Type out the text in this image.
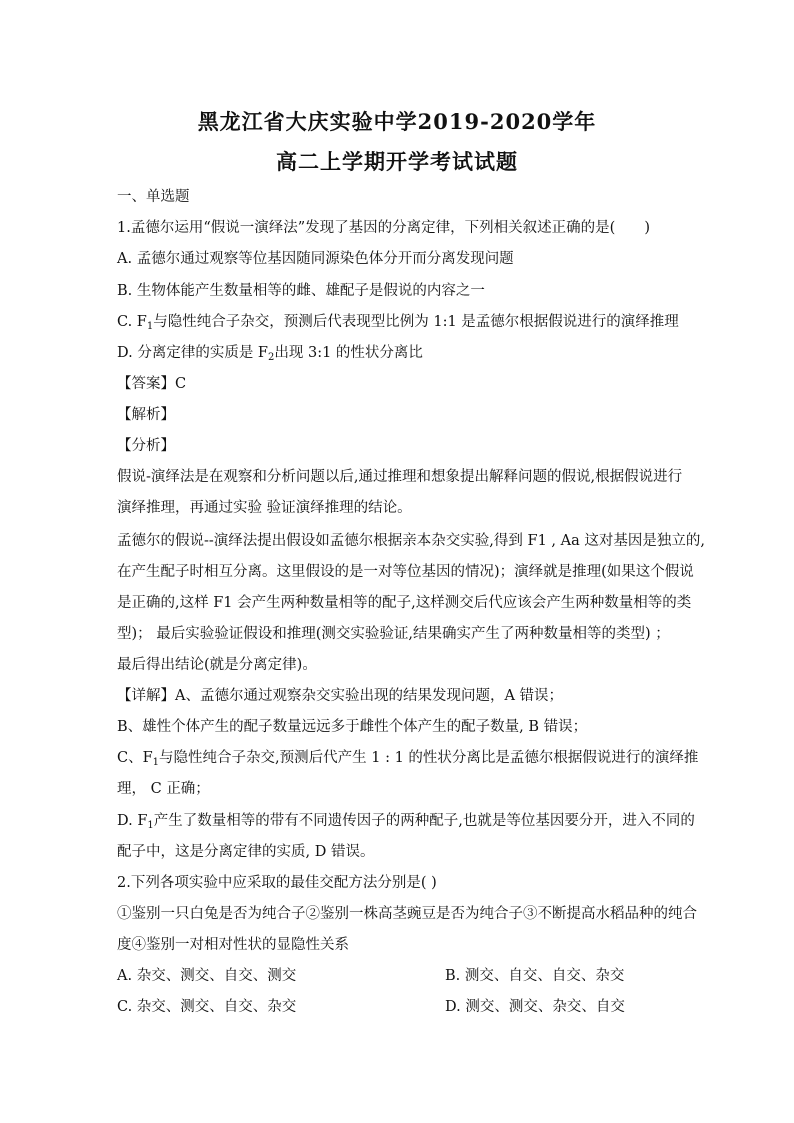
黑龙江省大庆实验中学2019-2020学年
高二上学期开学考试试题
一、单选题
1.孟德尔运用“假说一演绎法”发现了基因的分离定律，下列相关叙述正确的是(　　)
A. 孟德尔通过观察等位基因随同源染色体分开而分离发现问题
B. 生物体能产生数量相等的雌、雄配子是假说的内容之一
C. $F_1$与隐性纯合子杂交，预测后代表现型比例为 1:1 是孟德尔根据假说进行的演绎推理
D. 分离定律的实质是 $F_2$出现 3:1 的性状分离比
【答案】C
【解析】
【分析】
假说-演绎法是在观察和分析问题以后,通过推理和想象提出解释问题的假说,根据假说进行
演绎推理，再通过实验 验证演绎推理的结论。
孟德尔的假说--演绎法提出假设如孟德尔根据亲本杂交实验,得到 F1 , Aa 这对基因是独立的,
在产生配子时相互分离。这里假设的是一对等位基因的情况)；演绎就是推理(如果这个假说
是正确的,这样 F1 会产生两种数量相等的配子,这样测交后代应该会产生两种数量相等的类
型)； 最后实验验证假设和推理(测交实验验证,结果确实产生了两种数量相等的类型) ；
最后得出结论(就是分离定律)。
【详解】A、孟德尔通过观察杂交实验出现的结果发现问题，A 错误；
B、雄性个体产生的配子数量远远多于雌性个体产生的配子数量, B 错误；
C、$F_1$与隐性纯合子杂交,预测后代产生 1 : 1 的性状分离比是孟德尔根据假说进行的演绎推
理， C 正确；
D. $F_1$产生了数量相等的带有不同遗传因子的两种配子,也就是等位基因要分开，进入不同的
配子中，这是分离定律的实质, D 错误。
2.下列各项实验中应采取的最佳交配方法分别是( )
①鉴别一只白兔是否为纯合子②鉴别一株高茎豌豆是否为纯合子③不断提高水稻品种的纯合
度④鉴别一对相对性状的显隐性关系
A. 杂交、测交、自交、测交	B. 测交、自交、自交、杂交
C. 杂交、测交、自交、杂交	D. 测交、测交、杂交、自交
